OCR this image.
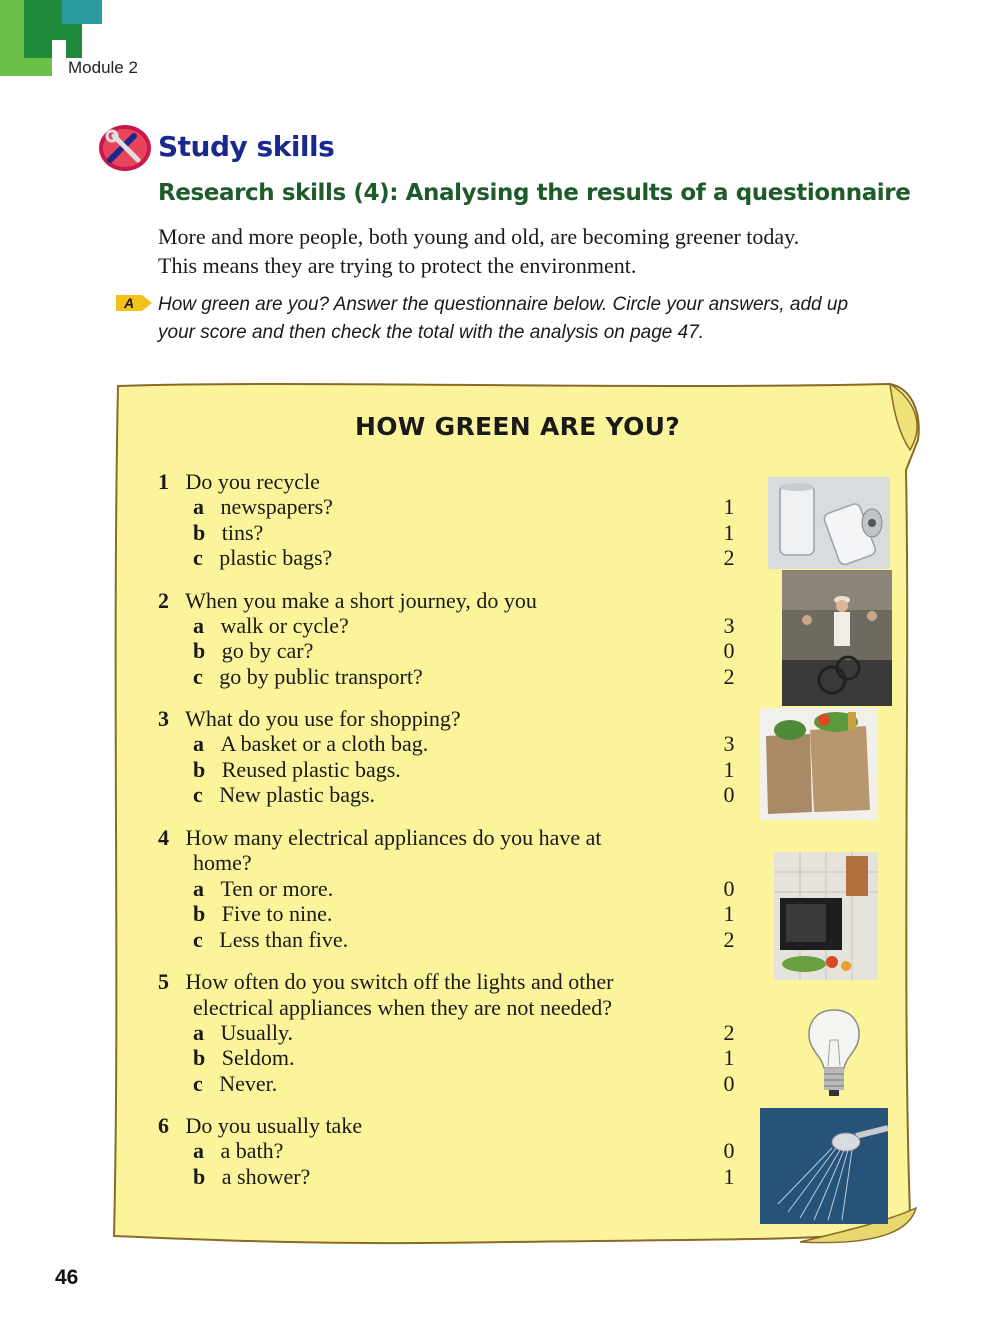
Module 2
Study skills
Research skills (4): Analysing the results of a questionnaire
More and more people, both young and old, are becoming greener today.
This means they are trying to protect the environment.
A How green are you? Answer the questionnaire below. Circle your answers, add up
your score and then check the total with the analysis on page 47.
HOW GREEN ARE YOU?
1 Do you recycle
a newspapers?	1
b tins?	1
c plastic bags?	2
2 When you make a short journey, do you
a walk or cycle?	3
b go by car?	0
c go by public transport?	2
3 What do you use for shopping?
a A basket or a cloth bag.	3
b Reused plastic bags.	1
c New plastic bags.	0
4 How many electrical appliances do you have at
home?
a Ten or more.	0
b Five to nine.	1
c Less than five.	2
5 How often do you switch off the lights and other
electrical appliances when they are not needed?
a Usually.	2
b Seldom.	1
c Never.	0
6 Do you usually take
a a bath?	0
b a shower?	1
46
